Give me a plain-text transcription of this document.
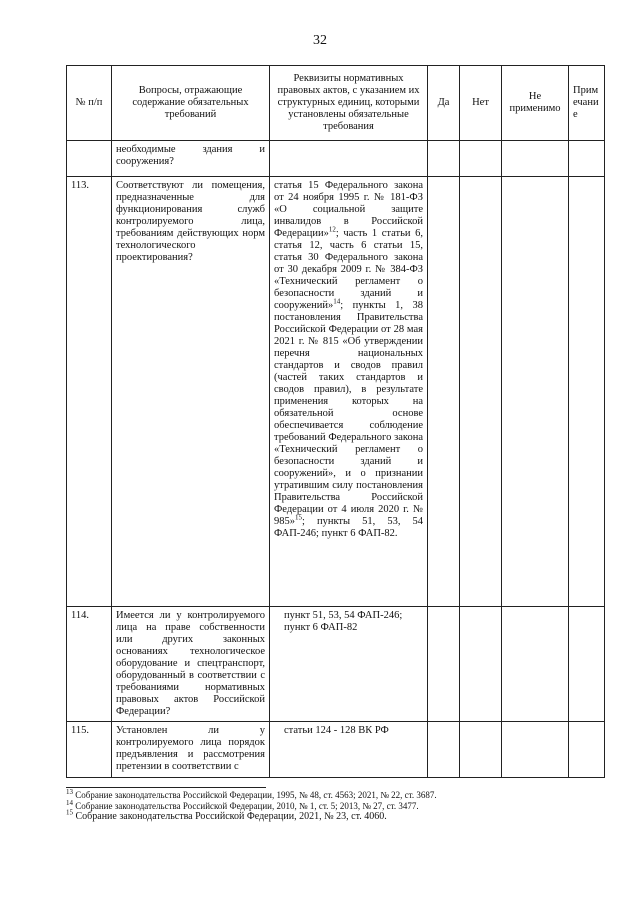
32
№ п/п	Вопросы, отражающие содержание обязательных требований	Реквизиты нормативных правовых актов, с указанием их структурных единиц, которыми установлены обязательные требования	Да	Нет	Не применимо	Примечание
	необходимые здания и сооружения?					
113.	Соответствуют ли помещения, предназначенные для функционирования служб контролируемого лица, требованиям действующих норм технологического проектирования?	статья 15 Федерального закона от 24 ноября 1995 г. № 181-ФЗ «О социальной защите инвалидов в Российской Федерации»$^{12}$; часть 1 статьи 6, статья 12, часть 6 статьи 15, статья 30 Федерального закона от 30 декабря 2009 г. № 384-ФЗ «Технический регламент о безопасности зданий и сооружений»$^{14}$; пункты 1, 38 постановления Правительства Российской Федерации от 28 мая 2021 г. № 815 «Об утверждении перечня национальных стандартов и сводов правил (частей таких стандартов и сводов правил), в результате применения которых на обязательной основе обеспечивается соблюдение требований Федерального закона «Технический регламент о безопасности зданий и сооружений», и о признании утратившим силу постановления Правительства Российской Федерации от 4 июля 2020 г. № 985»$^{15}$; пункты 51, 53, 54 ФАП-246; пункт 6 ФАП-82.				
114.	Имеется ли у контролируемого лица на праве собственности или других законных основаниях технологическое оборудование и спецтранспорт, оборудованный в соответствии с требованиями нормативных правовых актов Российской Федерации?	пункт 51, 53, 54 ФАП-246; пункт 6 ФАП-82				
115.	Установлен ли у контролируемого лица порядок предъявления и рассмотрения претензии в соответствии с	статьи 124 - 128 ВК РФ				

$^{13}$ Собрание законодательства Российской Федерации, 1995, № 48, ст. 4563; 2021, № 22, ст. 3687.

$^{14}$ Собрание законодательства Российской Федерации, 2010, № 1, ст. 5; 2013, № 27, ст. 3477.

$^{15}$ Собрание законодательства Российской Федерации, 2021, № 23, ст. 4060.
